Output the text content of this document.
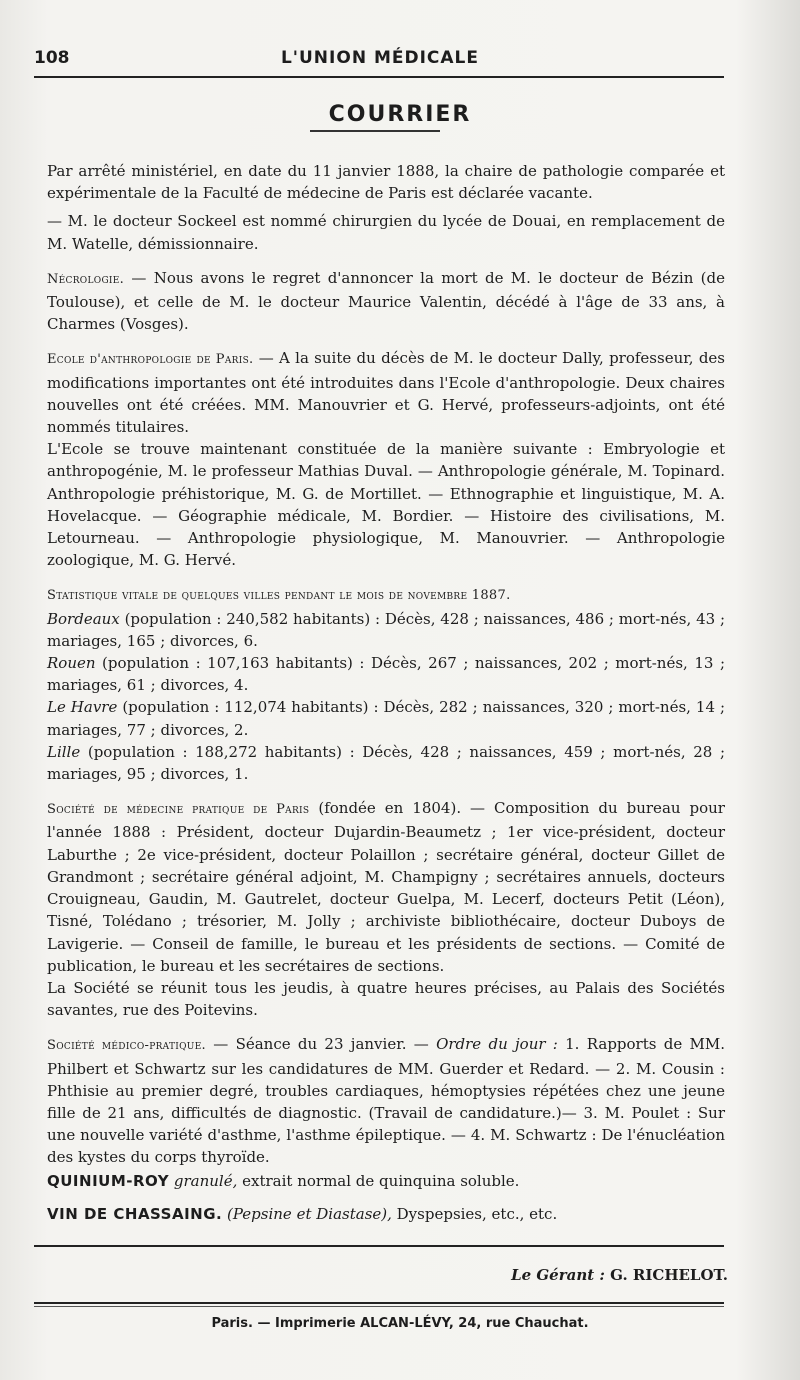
108	L'UNION MÉDICALE
COURRIER

Par arrêté ministériel, en date du 11 janvier 1888, la chaire de pathologie comparée et expérimentale de la Faculté de médecine de Paris est déclarée vacante.

— M. le docteur Sockeel est nommé chirurgien du lycée de Douai, en remplacement de M. Watelle, démissionnaire.

Nécrologie. — Nous avons le regret d'annoncer la mort de M. le docteur de Bézin (de Toulouse), et celle de M. le docteur Maurice Valentin, décédé à l'âge de 33 ans, à Charmes (Vosges).

Ecole d'anthropologie de Paris. — A la suite du décès de M. le docteur Dally, professeur, des modifications importantes ont été introduites dans l'Ecole d'anthropologie. Deux chaires nouvelles ont été créées. MM. Manouvrier et G. Hervé, professeurs-adjoints, ont été nommés titulaires.

L'Ecole se trouve maintenant constituée de la manière suivante : Embryologie et anthropogénie, M. le professeur Mathias Duval. — Anthropologie générale, M. Topinard. Anthropologie préhistorique, M. G. de Mortillet. — Ethnographie et linguistique, M. A. Hovelacque. — Géographie médicale, M. Bordier. — Histoire des civilisations, M. Letourneau. — Anthropologie physiologique, M. Manouvrier. — Anthropologie zoologique, M. G. Hervé.

Statistique vitale de quelques villes pendant le mois de novembre 1887.

Bordeaux (population : 240,582 habitants) : Décès, 428 ; naissances, 486 ; mort-nés, 43 ; mariages, 165 ; divorces, 6.

Rouen (population : 107,163 habitants) : Décès, 267 ; naissances, 202 ; mort-nés, 13 ; mariages, 61 ; divorces, 4.

Le Havre (population : 112,074 habitants) : Décès, 282 ; naissances, 320 ; mort-nés, 14 ; mariages, 77 ; divorces, 2.

Lille (population : 188,272 habitants) : Décès, 428 ; naissances, 459 ; mort-nés, 28 ; mariages, 95 ; divorces, 1.

Société de médecine pratique de Paris (fondée en 1804). — Composition du bureau pour l'année 1888 : Président, docteur Dujardin-Beaumetz ; 1er vice-président, docteur Laburthe ; 2e vice-président, docteur Polaillon ; secrétaire général, docteur Gillet de Grandmont ; secrétaire général adjoint, M. Champigny ; secrétaires annuels, docteurs Crouigneau, Gaudin, M. Gautrelet, docteur Guelpa, M. Lecerf, docteurs Petit (Léon), Tisné, Tolédano ; trésorier, M. Jolly ; archiviste bibliothécaire, docteur Duboys de Lavigerie. — Conseil de famille, le bureau et les présidents de sections. — Comité de publication, le bureau et les secrétaires de sections.

La Société se réunit tous les jeudis, à quatre heures précises, au Palais des Sociétés savantes, rue des Poitevins.

Société médico-pratique. — Séance du 23 janvier. — Ordre du jour : 1. Rapports de MM. Philbert et Schwartz sur les candidatures de MM. Guerder et Redard. — 2. M. Cousin : Phthisie au premier degré, troubles cardiaques, hémoptysies répétées chez une jeune fille de 21 ans, difficultés de diagnostic. (Travail de candidature.)— 3. M. Poulet : Sur une nouvelle variété d'asthme, l'asthme épileptique. — 4. M. Schwartz : De l'énucléation des kystes du corps thyroïde.

QUINIUM-ROY granulé, extrait normal de quinquina soluble.
VIN DE CHASSAING. (Pepsine et Diastase), Dyspepsies, etc., etc.
Le Gérant : G. RICHELOT.
Paris. — Imprimerie ALCAN-LÉVY, 24, rue Chauchat.
